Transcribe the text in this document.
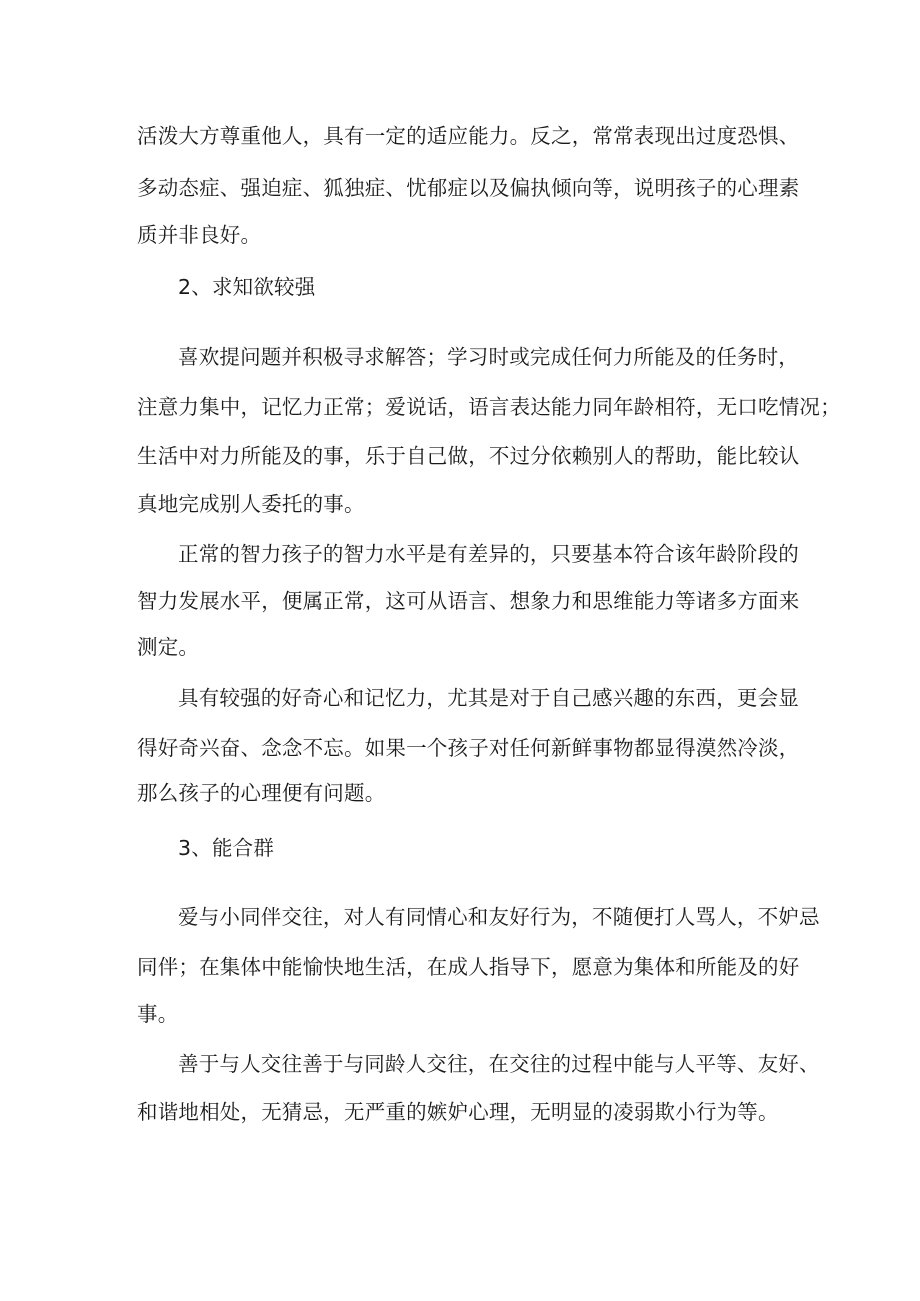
活泼大方尊重他人，具有一定的适应能力。反之，常常表现出过度恐惧、
多动态症、强迫症、狐独症、忧郁症以及偏执倾向等，说明孩子的心理素
质并非良好。
2、求知欲较强
喜欢提问题并积极寻求解答；学习时或完成任何力所能及的任务时，
注意力集中，记忆力正常；爱说话，语言表达能力同年龄相符，无口吃情况；
生活中对力所能及的事，乐于自己做，不过分依赖别人的帮助，能比较认
真地完成别人委托的事。
正常的智力孩子的智力水平是有差异的，只要基本符合该年龄阶段的
智力发展水平，便属正常，这可从语言、想象力和思维能力等诸多方面来
测定。
具有较强的好奇心和记忆力，尤其是对于自己感兴趣的东西，更会显
得好奇兴奋、念念不忘。如果一个孩子对任何新鲜事物都显得漠然冷淡，
那么孩子的心理便有问题。
3、能合群
爱与小同伴交往，对人有同情心和友好行为，不随便打人骂人，不妒忌
同伴；在集体中能愉快地生活，在成人指导下，愿意为集体和所能及的好
事。
善于与人交往善于与同龄人交往，在交往的过程中能与人平等、友好、
和谐地相处，无猜忌，无严重的嫉妒心理，无明显的凌弱欺小行为等。
